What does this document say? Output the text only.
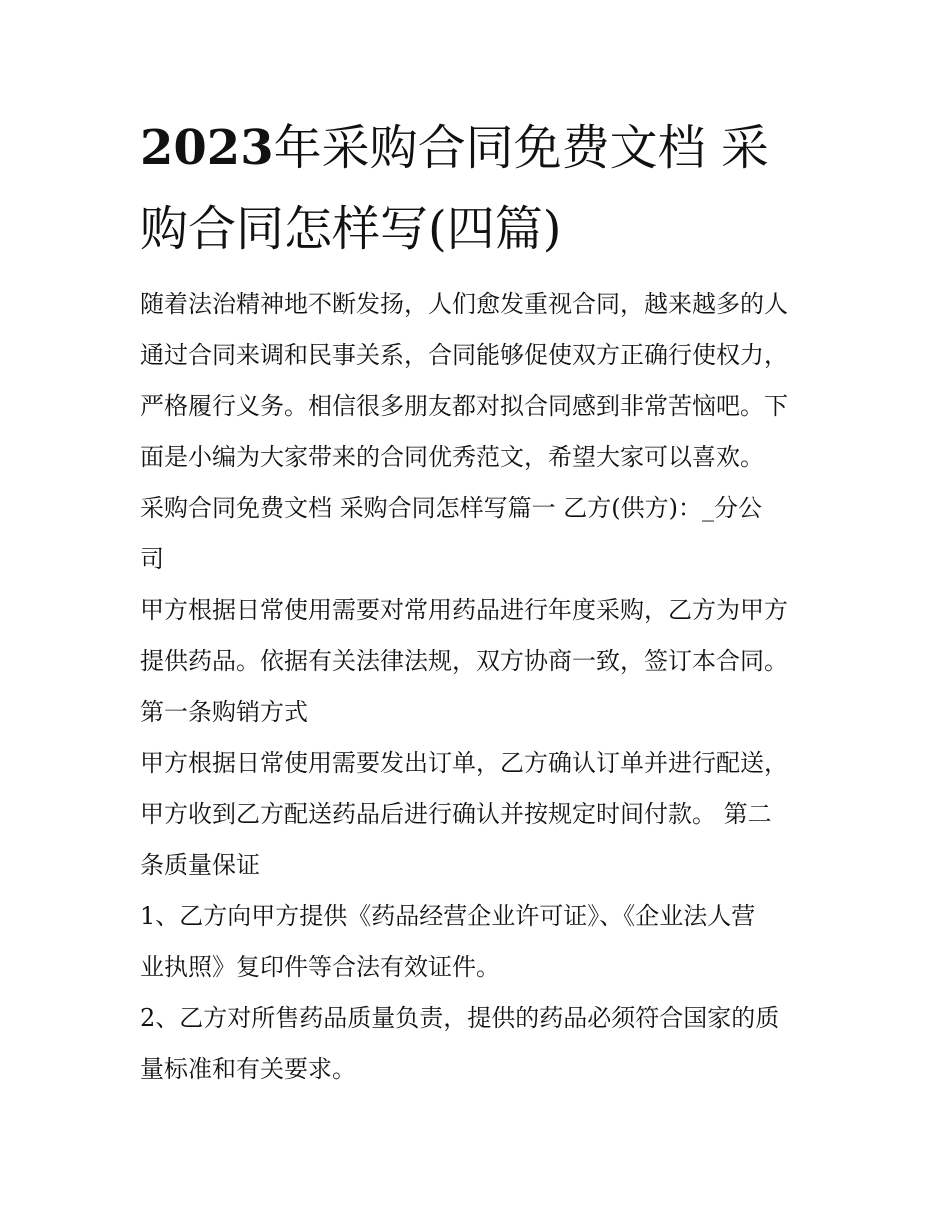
2023年采购合同免费文档 采
购合同怎样写(四篇)
随着法治精神地不断发扬，人们愈发重视合同，越来越多的人
通过合同来调和民事关系，合同能够促使双方正确行使权力，
严格履行义务。相信很多朋友都对拟合同感到非常苦恼吧。下
面是小编为大家带来的合同优秀范文，希望大家可以喜欢。
采购合同免费文档 采购合同怎样写篇一 乙方(供方)：_分公
司
甲方根据日常使用需要对常用药品进行年度采购，乙方为甲方
提供药品。依据有关法律法规，双方协商一致，签订本合同。
第一条购销方式
甲方根据日常使用需要发出订单，乙方确认订单并进行配送，
甲方收到乙方配送药品后进行确认并按规定时间付款。 第二
条质量保证
1、乙方向甲方提供《药品经营企业许可证》、《企业法人营
业执照》复印件等合法有效证件。
2、乙方对所售药品质量负责，提供的药品必须符合国家的质
量标准和有关要求。
